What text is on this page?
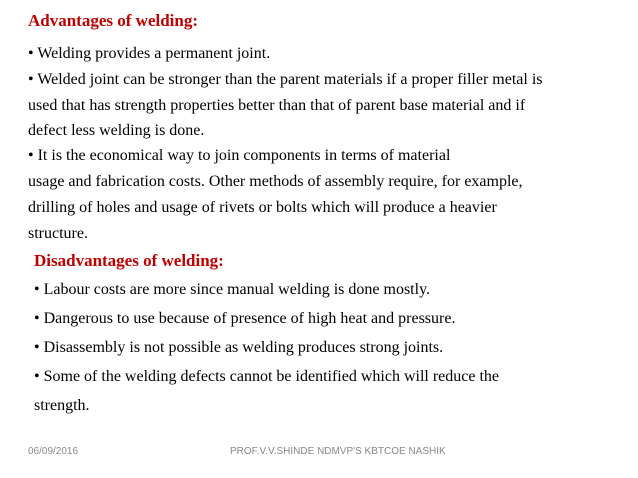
Advantages of welding:
• Welding provides a permanent joint.
• Welded joint can be stronger than the parent materials if a proper filler metal is
used that has strength properties better than that of parent base material and if
defect less welding is done.
• It is the economical way to join components in terms of material
usage and fabrication costs. Other methods of assembly require, for example,
drilling of holes and usage of rivets or bolts which will produce a heavier
structure.
Disadvantages of welding:
• Labour costs are more since manual welding is done mostly.
• Dangerous to use because of presence of high heat and pressure.
• Disassembly is not possible as welding produces strong joints.
• Some of the welding defects cannot be identified which will reduce the
strength.
06/09/2016	PROF.V.V.SHINDE NDMVP'S KBTCOE NASHIK
